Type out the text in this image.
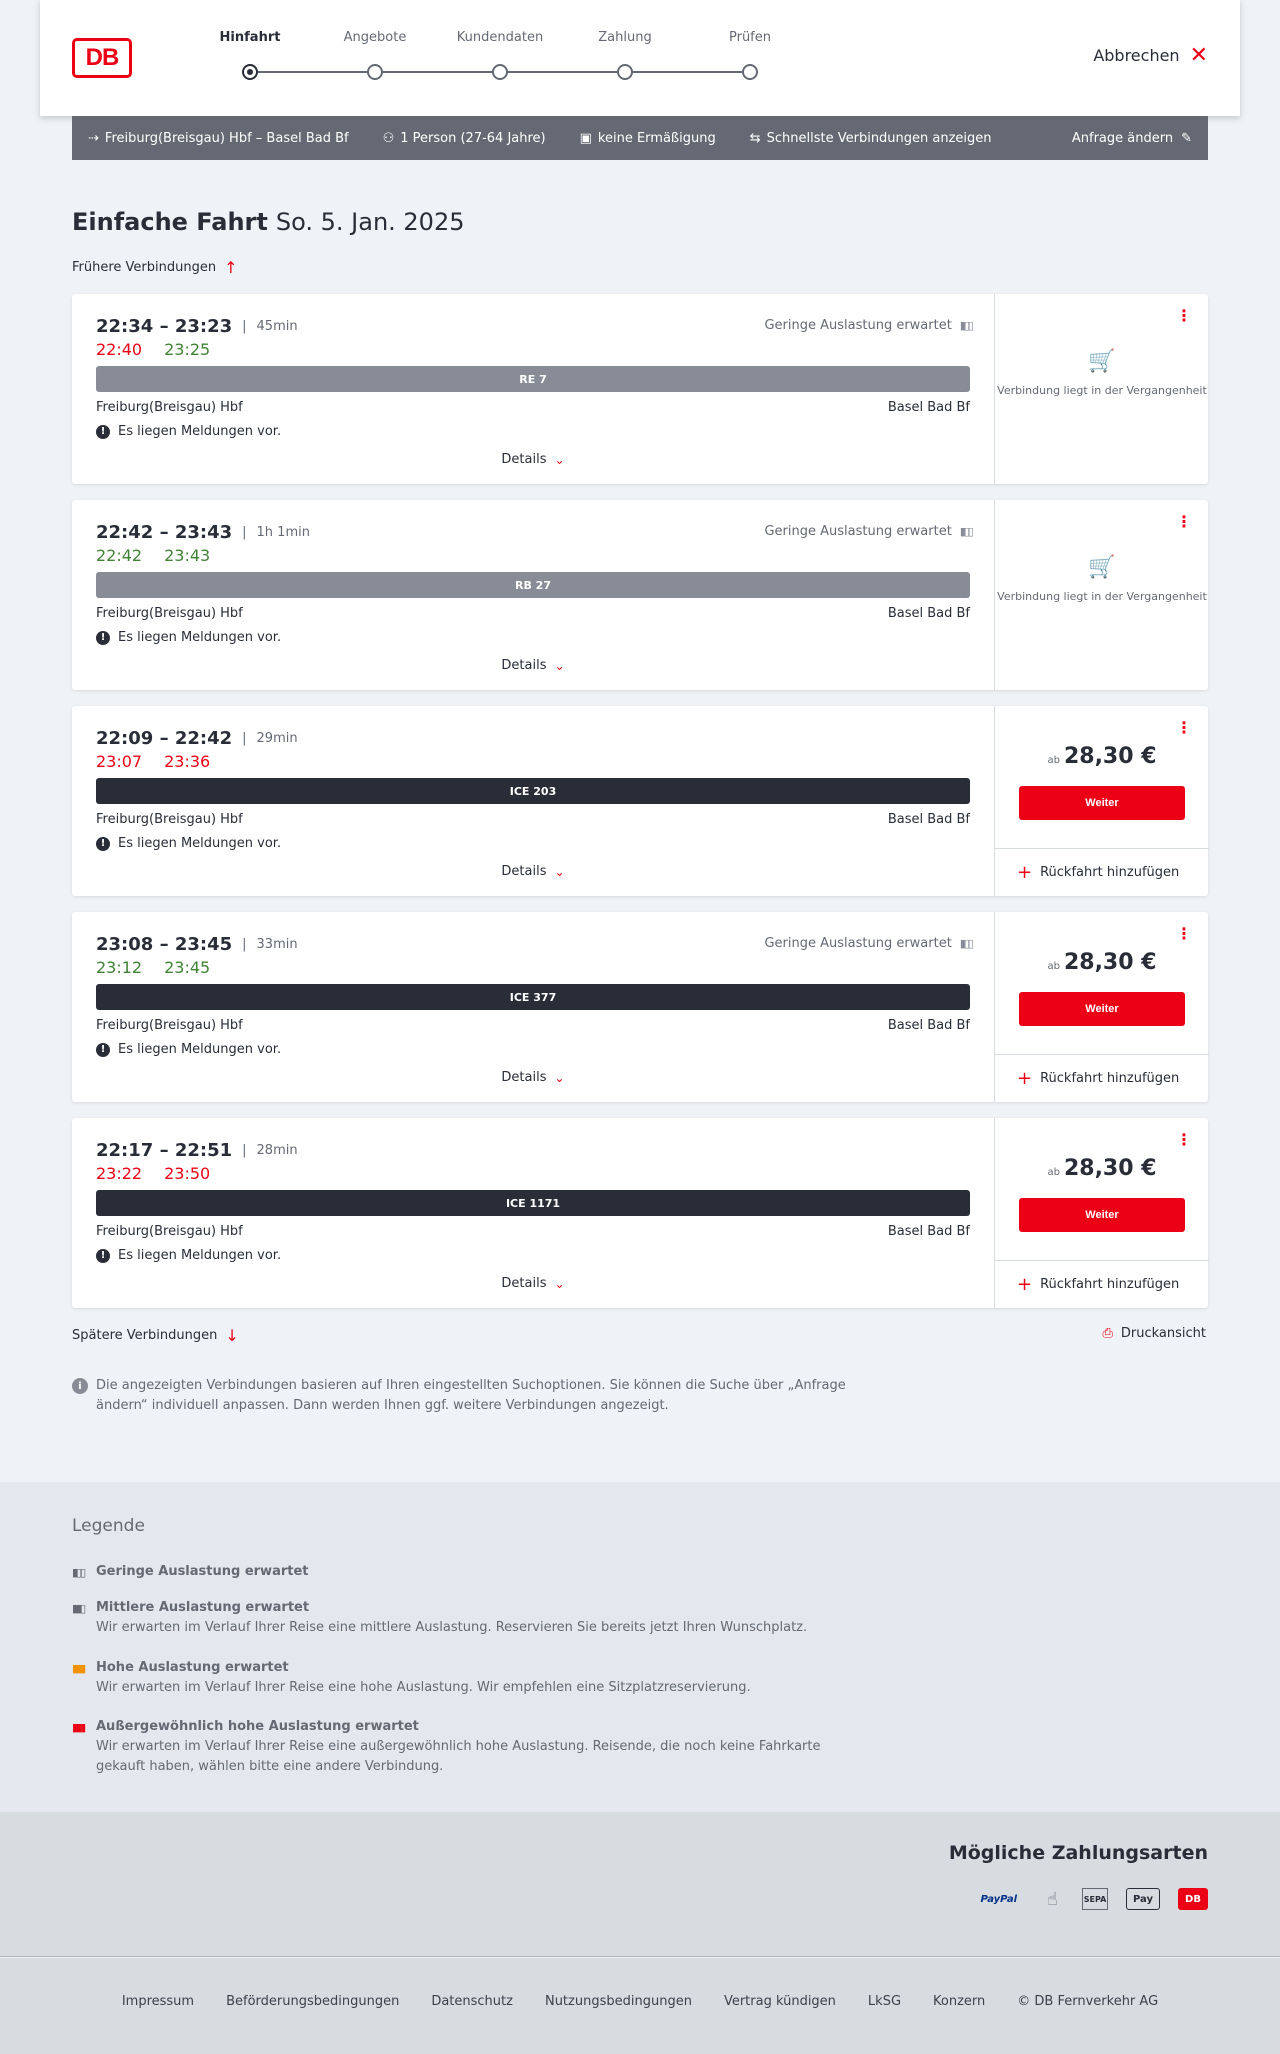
DB
Hinfahrt	Angebote	Kundendaten	Zahlung	Prüfen
Abbrechen ✕
⇢ Freiburg(Breisgau) Hbf – Basel Bad Bf	⚇ 1 Person (27-64 Jahre)	▣ keine Ermäßigung	⇆ Schnellste Verbindungen anzeigen	Anfrage ändern ✎
Einfache Fahrt So. 5. Jan. 2025
Frühere Verbindungen ↑
22:34 – 23:23 | 45min
22:40 23:25
Geringe Auslastung erwartet ▮▯▯
RE 7
Freiburg(Breisgau) Hbf	Basel Bad Bf
! Es liegen Meldungen vor.
Details ⌄
⋮
🛒
Verbindung liegt in der Vergangenheit
22:42 – 23:43 | 1h 1min
22:42 23:43
Geringe Auslastung erwartet ▮▯▯
RB 27
Freiburg(Breisgau) Hbf	Basel Bad Bf
! Es liegen Meldungen vor.
Details ⌄
⋮
🛒
Verbindung liegt in der Vergangenheit
22:09 – 22:42 | 29min
23:07 23:36
ICE 203
Freiburg(Breisgau) Hbf	Basel Bad Bf
! Es liegen Meldungen vor.
Details ⌄
⋮
ab 28,30 €
Weiter
+ Rückfahrt hinzufügen
23:08 – 23:45 | 33min
23:12 23:45
Geringe Auslastung erwartet ▮▯▯
ICE 377
Freiburg(Breisgau) Hbf	Basel Bad Bf
! Es liegen Meldungen vor.
Details ⌄
⋮
ab 28,30 €
Weiter
+ Rückfahrt hinzufügen
22:17 – 22:51 | 28min
23:22 23:50
ICE 1171
Freiburg(Breisgau) Hbf	Basel Bad Bf
! Es liegen Meldungen vor.
Details ⌄
⋮
ab 28,30 €
Weiter
+ Rückfahrt hinzufügen
Spätere Verbindungen ↓	⎙ Druckansicht
i	Die angezeigten Verbindungen basieren auf Ihren eingestellten Suchoptionen. Sie können die Suche über „Anfrage ändern“ individuell anpassen. Dann werden Ihnen ggf. weitere Verbindungen angezeigt.
Legende
▮▯▯ Geringe Auslastung erwartet
▮▮▯ Mittlere Auslastung erwartet
Wir erwarten im Verlauf Ihrer Reise eine mittlere Auslastung. Reservieren Sie bereits jetzt Ihren Wunschplatz.
▮▮▮ Hohe Auslastung erwartet
Wir erwarten im Verlauf Ihrer Reise eine hohe Auslastung. Wir empfehlen eine Sitzplatzreservierung.
▮▮▮ Außergewöhnlich hohe Auslastung erwartet
Wir erwarten im Verlauf Ihrer Reise eine außergewöhnlich hohe Auslastung. Reisende, die noch keine Fahrkarte gekauft haben, wählen bitte eine andere Verbindung.
Mögliche Zahlungsarten
PayPal	☝	SEPA	Pay	DB
Impressum Beförderungsbedingungen Datenschutz Nutzungsbedingungen Vertrag kündigen LkSG Konzern © DB Fernverkehr AG
